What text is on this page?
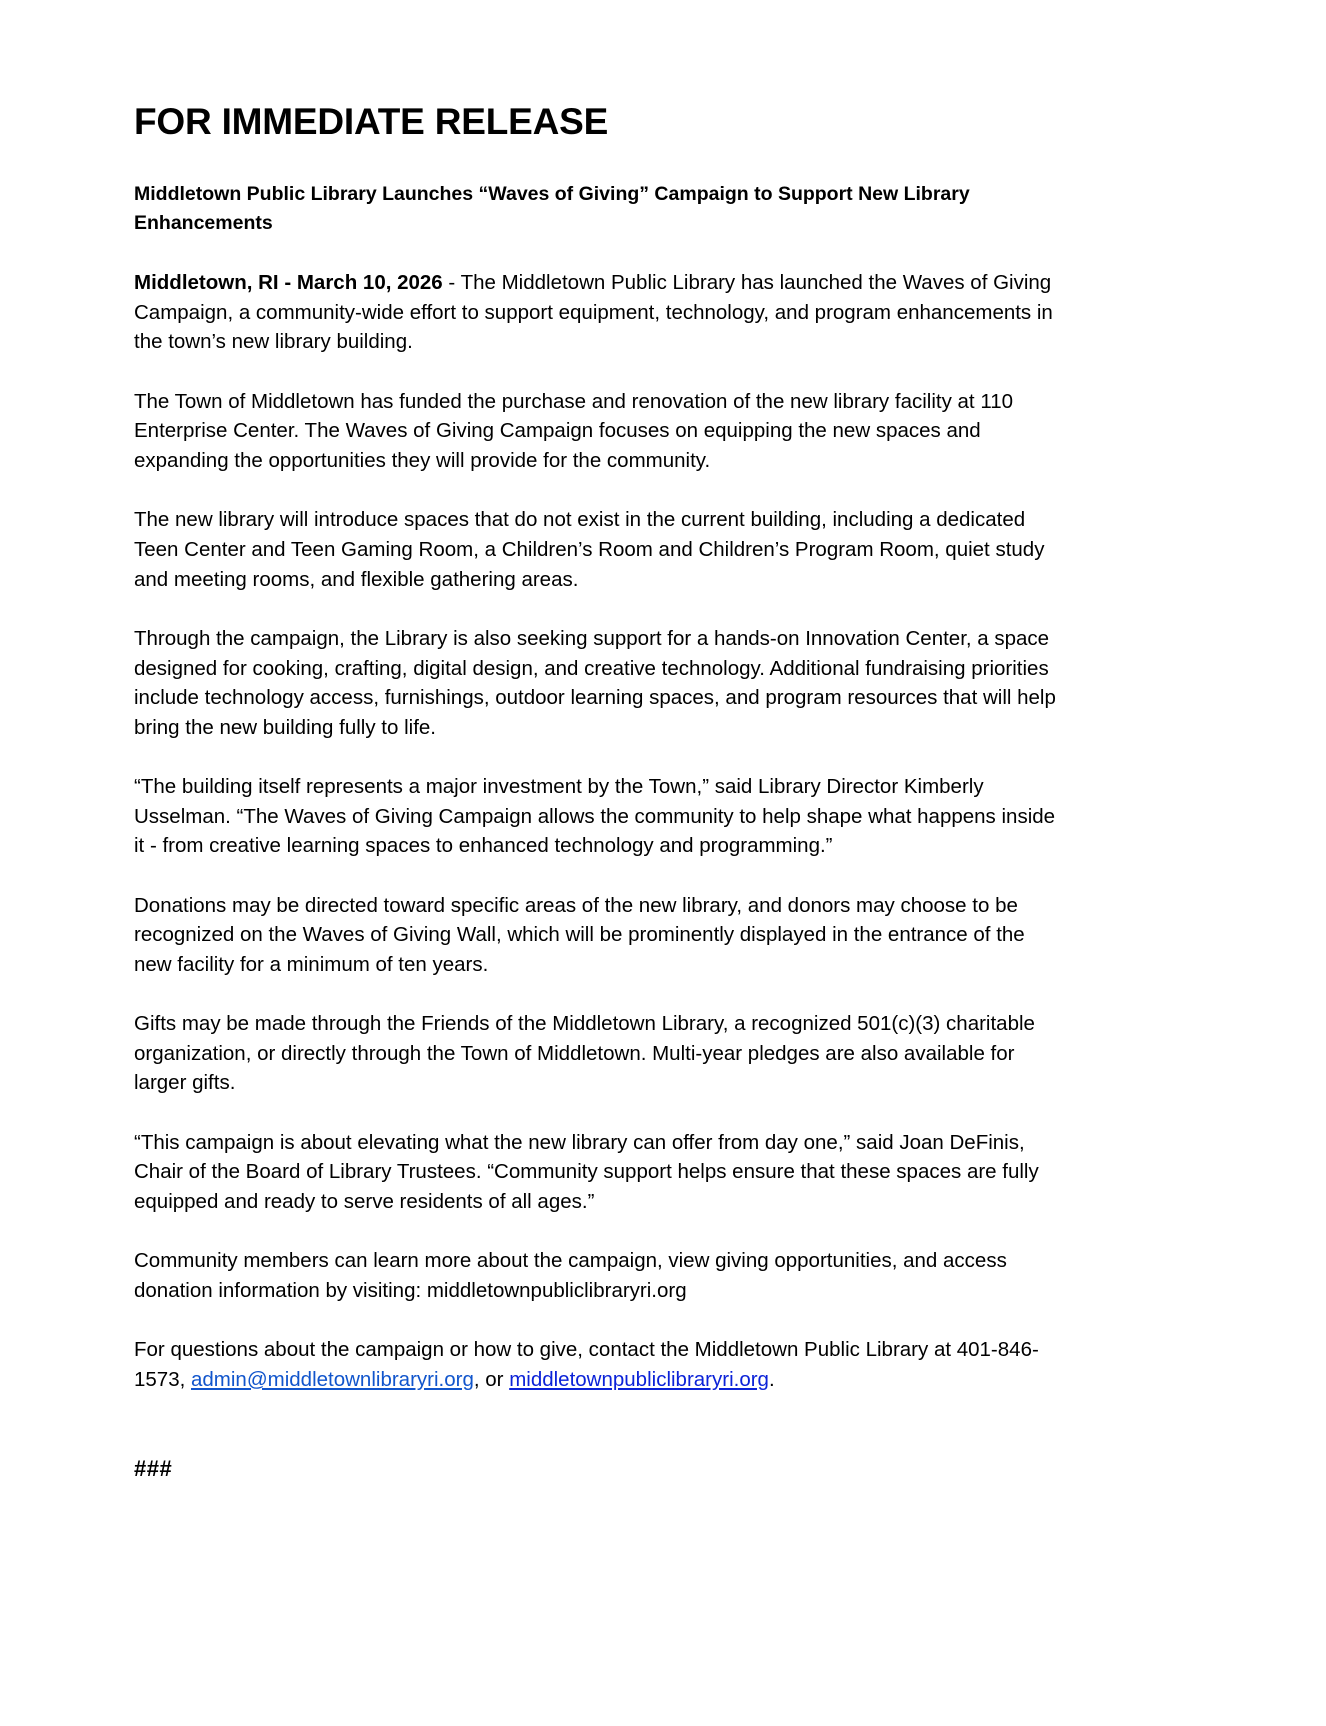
FOR IMMEDIATE RELEASE

Middletown Public Library Launches “Waves of Giving” Campaign to Support New Library Enhancements

Middletown, RI - March 10, 2026 - The Middletown Public Library has launched the Waves of Giving Campaign, a community-wide effort to support equipment, technology, and program enhancements in the town’s new library building.

The Town of Middletown has funded the purchase and renovation of the new library facility at 110 Enterprise Center. The Waves of Giving Campaign focuses on equipping the new spaces and expanding the opportunities they will provide for the community.

The new library will introduce spaces that do not exist in the current building, including a dedicated Teen Center and Teen Gaming Room, a Children’s Room and Children’s Program Room, quiet study and meeting rooms, and flexible gathering areas.

Through the campaign, the Library is also seeking support for a hands-on Innovation Center, a space designed for cooking, crafting, digital design, and creative technology. Additional fundraising priorities include technology access, furnishings, outdoor learning spaces, and program resources that will help bring the new building fully to life.

“The building itself represents a major investment by the Town,” said Library Director Kimberly Usselman. “The Waves of Giving Campaign allows the community to help shape what happens inside it - from creative learning spaces to enhanced technology and programming.”

Donations may be directed toward specific areas of the new library, and donors may choose to be recognized on the Waves of Giving Wall, which will be prominently displayed in the entrance of the new facility for a minimum of ten years.

Gifts may be made through the Friends of the Middletown Library, a recognized 501(c)(3) charitable organization, or directly through the Town of Middletown. Multi-year pledges are also available for larger gifts.

“This campaign is about elevating what the new library can offer from day one,” said Joan DeFinis, Chair of the Board of Library Trustees. “Community support helps ensure that these spaces are fully equipped and ready to serve residents of all ages.”

Community members can learn more about the campaign, view giving opportunities, and access donation information by visiting: middletownpubliclibraryri.org

For questions about the campaign or how to give, contact the Middletown Public Library at 401-846-1573, admin@middletownlibraryri.org, or middletownpubliclibraryri.org.

###
